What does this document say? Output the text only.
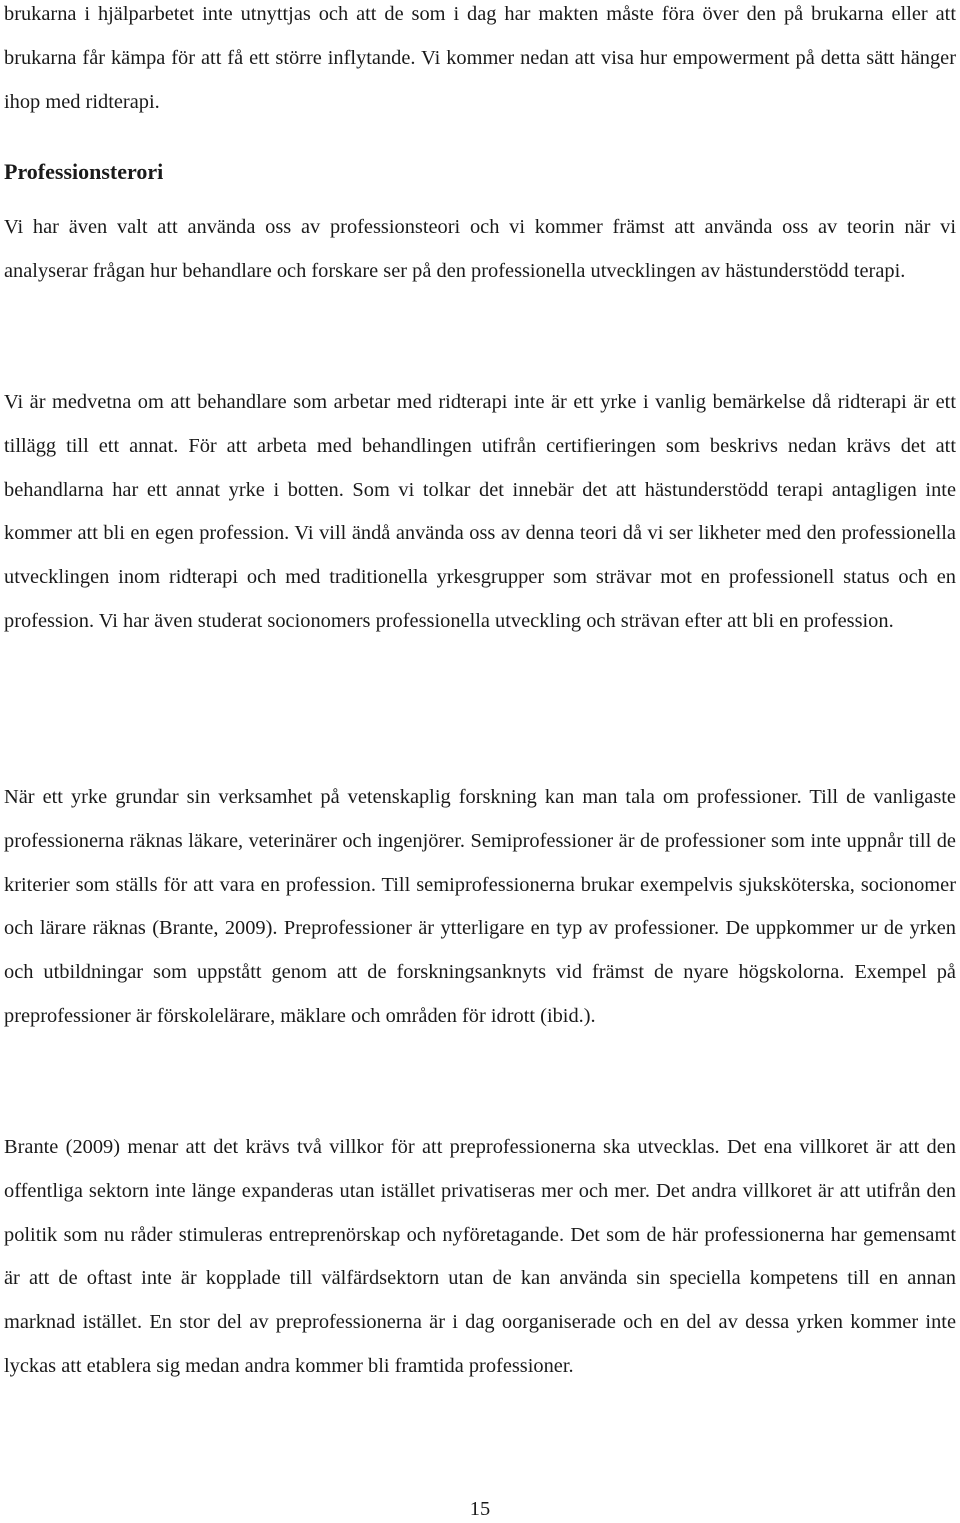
brukarna i hjälparbetet inte utnyttjas och att de som i dag har makten måste föra över den på brukarna eller att brukarna får kämpa för att få ett större inflytande. Vi kommer nedan att visa hur empowerment på detta sätt hänger ihop med ridterapi.

Professionsterori

Vi har även valt att använda oss av professionsteori och vi kommer främst att använda oss av teorin när vi analyserar frågan hur behandlare och forskare ser på den professionella utvecklingen av hästunderstödd terapi.

Vi är medvetna om att behandlare som arbetar med ridterapi inte är ett yrke i vanlig bemärkelse då ridterapi är ett tillägg till ett annat. För att arbeta med behandlingen utifrån certifieringen som beskrivs nedan krävs det att behandlarna har ett annat yrke i botten. Som vi tolkar det innebär det att hästunderstödd terapi antagligen inte kommer att bli en egen profession. Vi vill ändå använda oss av denna teori då vi ser likheter med den professionella utvecklingen inom ridterapi och med traditionella yrkesgrupper som strävar mot en professionell status och en profession. Vi har även studerat socionomers professionella utveckling och strävan efter att bli en profession.

När ett yrke grundar sin verksamhet på vetenskaplig forskning kan man tala om professioner. Till de vanligaste professionerna räknas läkare, veterinärer och ingenjörer. Semiprofessioner är de professioner som inte uppnår till de kriterier som ställs för att vara en profession. Till semiprofessionerna brukar exempelvis sjuksköterska, socionomer och lärare räknas (Brante, 2009). Preprofessioner är ytterligare en typ av professioner. De uppkommer ur de yrken och utbildningar som uppstått genom att de forskningsanknyts vid främst de nyare högskolorna. Exempel på preprofessioner är förskolelärare, mäklare och områden för idrott (ibid.).

Brante (2009) menar att det krävs två villkor för att preprofessionerna ska utvecklas. Det ena villkoret är att den offentliga sektorn inte länge expanderas utan istället privatiseras mer och mer. Det andra villkoret är att utifrån den politik som nu råder stimuleras entreprenörskap och nyföretagande. Det som de här professionerna har gemensamt är att de oftast inte är kopplade till välfärdsektorn utan de kan använda sin speciella kompetens till en annan marknad istället. En stor del av preprofessionerna är i dag oorganiserade och en del av dessa yrken kommer inte lyckas att etablera sig medan andra kommer bli framtida professioner.

15
